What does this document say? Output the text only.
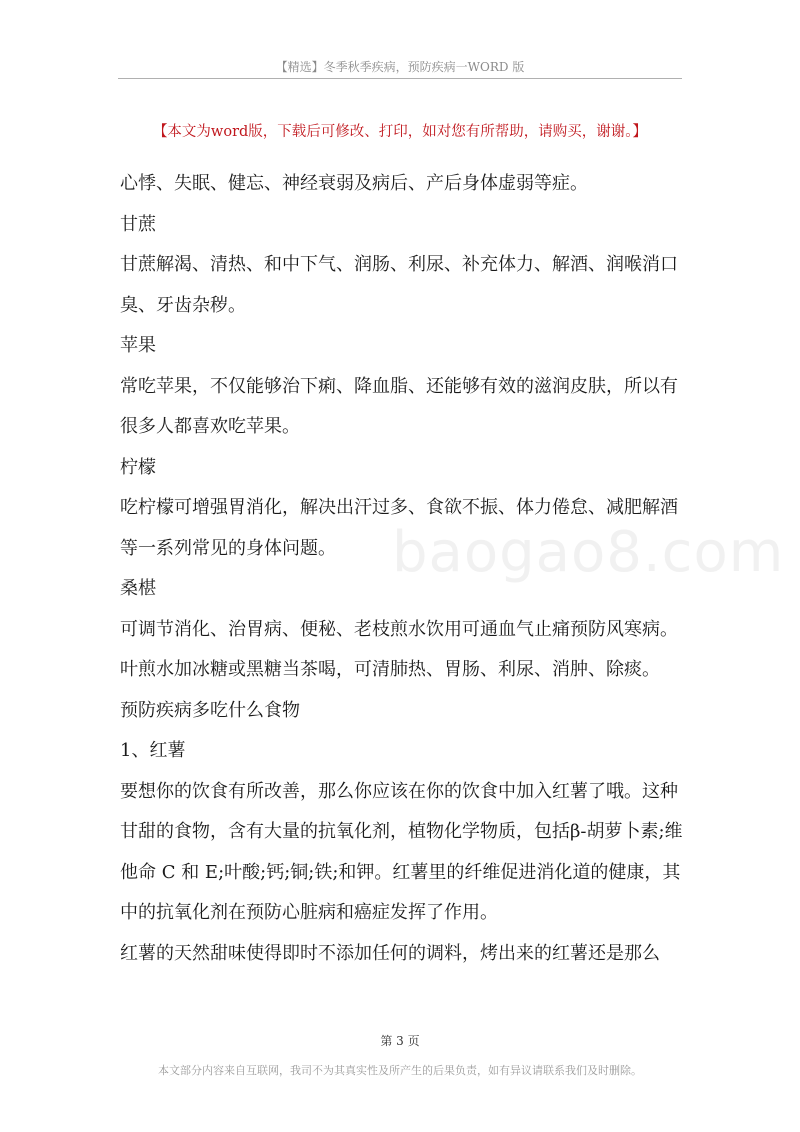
【精选】冬季秋季疾病，预防疾病一WORD 版
【本文为word版，下载后可修改、打印，如对您有所帮助，请购买，谢谢。】

心悸、失眠、健忘、神经衰弱及病后、产后身体虚弱等症。

甘蔗

甘蔗解渴、清热、和中下气、润肠、利尿、补充体力、解酒、润喉消口臭、牙齿杂秽。

苹果

常吃苹果，不仅能够治下痢、降血脂、还能够有效的滋润皮肤，所以有很多人都喜欢吃苹果。

柠檬

吃柠檬可增强胃消化，解决出汗过多、食欲不振、体力倦怠、减肥解酒等一系列常见的身体问题。

桑椹

可调节消化、治胃病、便秘、老枝煎水饮用可通血气止痛预防风寒病。叶煎水加冰糖或黑糖当茶喝，可清肺热、胃肠、利尿、消肿、除痰。

预防疾病多吃什么食物

1、红薯

要想你的饮食有所改善，那么你应该在你的饮食中加入红薯了哦。这种甘甜的食物，含有大量的抗氧化剂，植物化学物质，包括β-胡萝卜素;维他命 C 和 E;叶酸;钙;铜;铁;和钾。红薯里的纤维促进消化道的健康，其中的抗氧化剂在预防心脏病和癌症发挥了作用。

红薯的天然甜味使得即时不添加任何的调料，烤出来的红薯还是那么

baogao8.com
第 3 页
本文部分内容来自互联网，我司不为其真实性及所产生的后果负责，如有异议请联系我们及时删除。
